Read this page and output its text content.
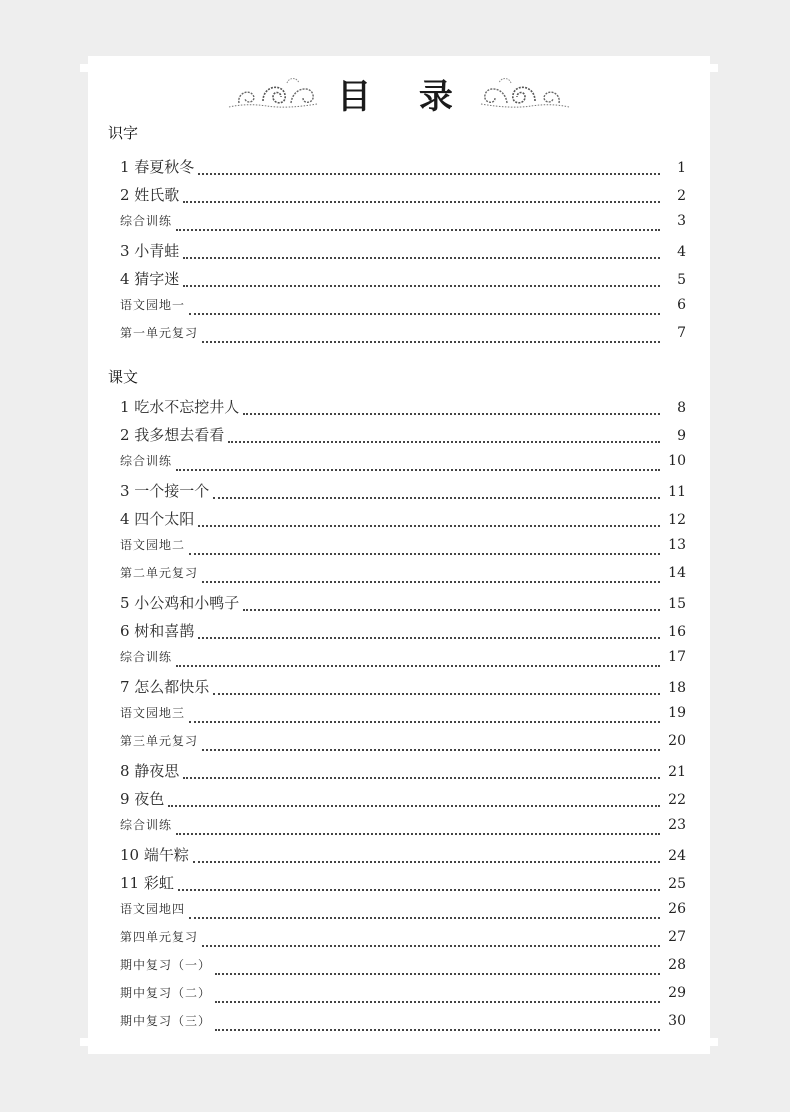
目 录
识字
1 春夏秋冬	1
2 姓氏歌	2
综合训练	3
3 小青蛙	4
4 猜字迷	5
语文园地一	6
第一单元复习	7
课文
1 吃水不忘挖井人	8
2 我多想去看看	9
综合训练	10
3 一个接一个	11
4 四个太阳	12
语文园地二	13
第二单元复习	14
5 小公鸡和小鸭子	15
6 树和喜鹊	16
综合训练	17
7 怎么都快乐	18
语文园地三	19
第三单元复习	20
8 静夜思	21
9 夜色	22
综合训练	23
10 端午粽	24
11 彩虹	25
语文园地四	26
第四单元复习	27
期中复习（一）	28
期中复习（二）	29
期中复习（三）	30
